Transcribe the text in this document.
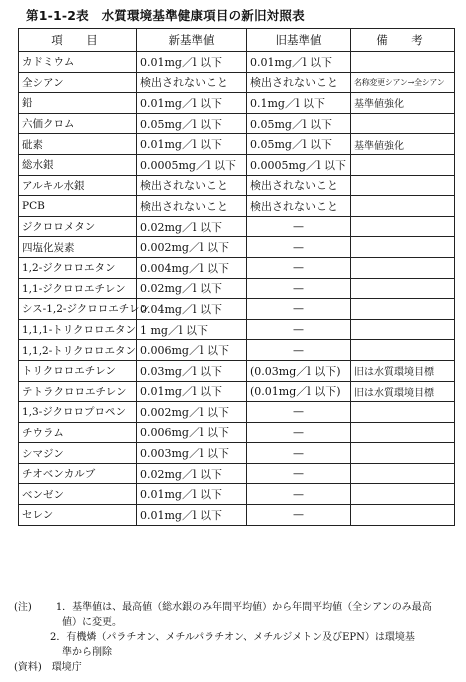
第1-1-2表　水質環境基準健康項目の新旧対照表
項　目	新基準値	旧基準値	備　考
カドミウム	0.01mg／l 以下	0.01mg／l 以下	
全シアン	検出されないこと	検出されないこと	名称変更シアン→全シアン
鉛	0.01mg／l 以下	0.1mg／l 以下	基準値強化
六価クロム	0.05mg／l 以下	0.05mg／l 以下	
砒素	0.01mg／l 以下	0.05mg／l 以下	基準値強化
総水銀	0.0005mg／l 以下	0.0005mg／l 以下	
アルキル水銀	検出されないこと	検出されないこと	
PCB	検出されないこと	検出されないこと	
ジクロロメタン	0.02mg／l 以下	—	
四塩化炭素	0.002mg／l 以下	—	
1,2-ジクロロエタン	0.004mg／l 以下	—	
1,1-ジクロロエチレン	0.02mg／l 以下	—	
シス-1,2-ジクロロエチレン	0.04mg／l 以下	—	
1,1,1-トリクロロエタン	1 mg／l 以下	—	
1,1,2-トリクロロエタン	0.006mg／l 以下	—	
トリクロロエチレン	0.03mg／l 以下	(0.03mg／l 以下)	旧は水質環境目標
テトラクロロエチレン	0.01mg／l 以下	(0.01mg／l 以下)	旧は水質環境目標
1,3-ジクロロプロペン	0.002mg／l 以下	—	
チウラム	0.006mg／l 以下	—	
シマジン	0.003mg／l 以下	—	
チオベンカルブ	0.02mg／l 以下	—	
ベンゼン	0.01mg／l 以下	—	
セレン	0.01mg／l 以下	—	
(注) 1．基準値は、最高値（総水銀のみ年間平均値）から年間平均値（全シアンのみ最高
値）に変更。
2．有機燐（パラチオン、メチルパラチオン、メチルジメトン及びEPN）は環境基
準から削除
(資料)　環境庁
